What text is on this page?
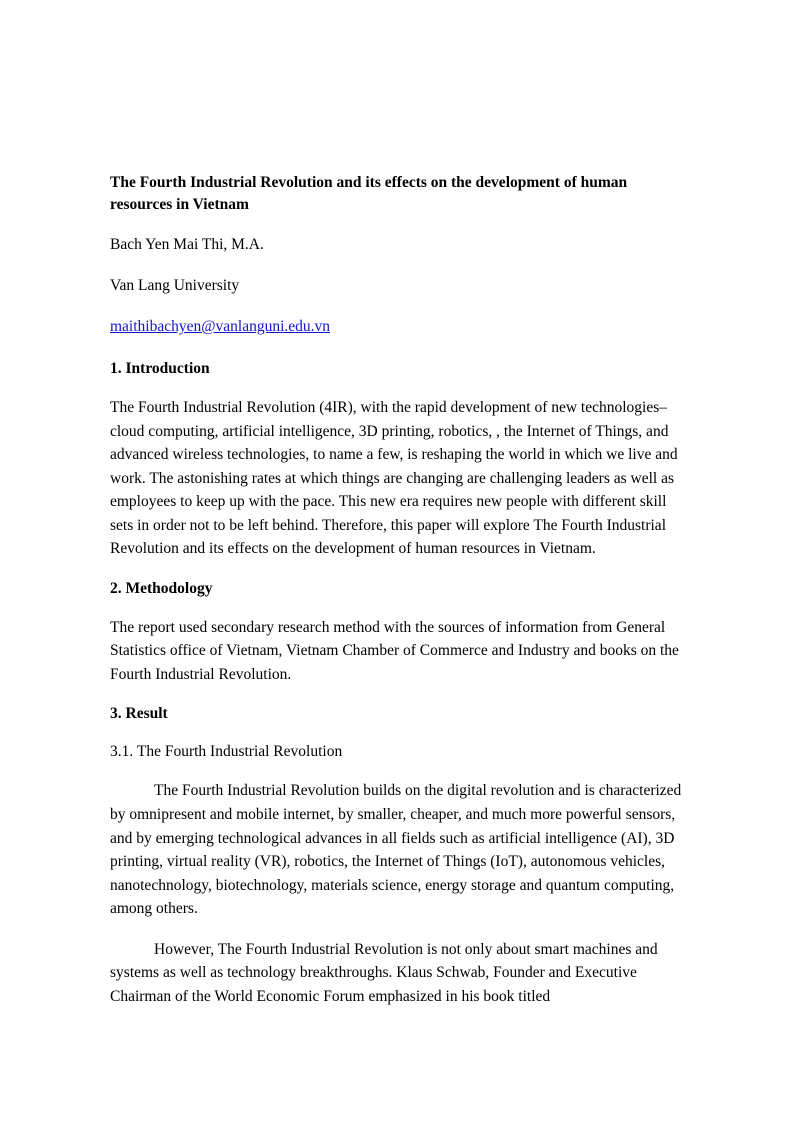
The Fourth Industrial Revolution and its effects on the development of human resources in Vietnam

Bach Yen Mai Thi, M.A.

Van Lang University

maithibachyen@vanlanguni.edu.vn

1. Introduction

The Fourth Industrial Revolution (4IR), with the rapid development of new technologies–cloud computing, artificial intelligence, 3D printing, robotics, , the Internet of Things, and advanced wireless technologies, to name a few, is reshaping the world in which we live and work. The astonishing rates at which things are changing are challenging leaders as well as employees to keep up with the pace. This new era requires new people with different skill sets in order not to be left behind. Therefore, this paper will explore The Fourth Industrial Revolution and its effects on the development of human resources in Vietnam.

2. Methodology

The report used secondary research method with the sources of information from General Statistics office of Vietnam, Vietnam Chamber of Commerce and Industry and books on the Fourth Industrial Revolution.

3. Result

3.1. The Fourth Industrial Revolution

The Fourth Industrial Revolution builds on the digital revolution and is characterized by omnipresent and mobile internet, by smaller, cheaper, and much more powerful sensors, and by emerging technological advances in all fields such as artificial intelligence (AI), 3D printing, virtual reality (VR), robotics, the Internet of Things (IoT), autonomous vehicles, nanotechnology, biotechnology, materials science, energy storage and quantum computing, among others.

However, The Fourth Industrial Revolution is not only about smart machines and systems as well as technology breakthroughs. Klaus Schwab, Founder and Executive Chairman of the World Economic Forum emphasized in his book titled
